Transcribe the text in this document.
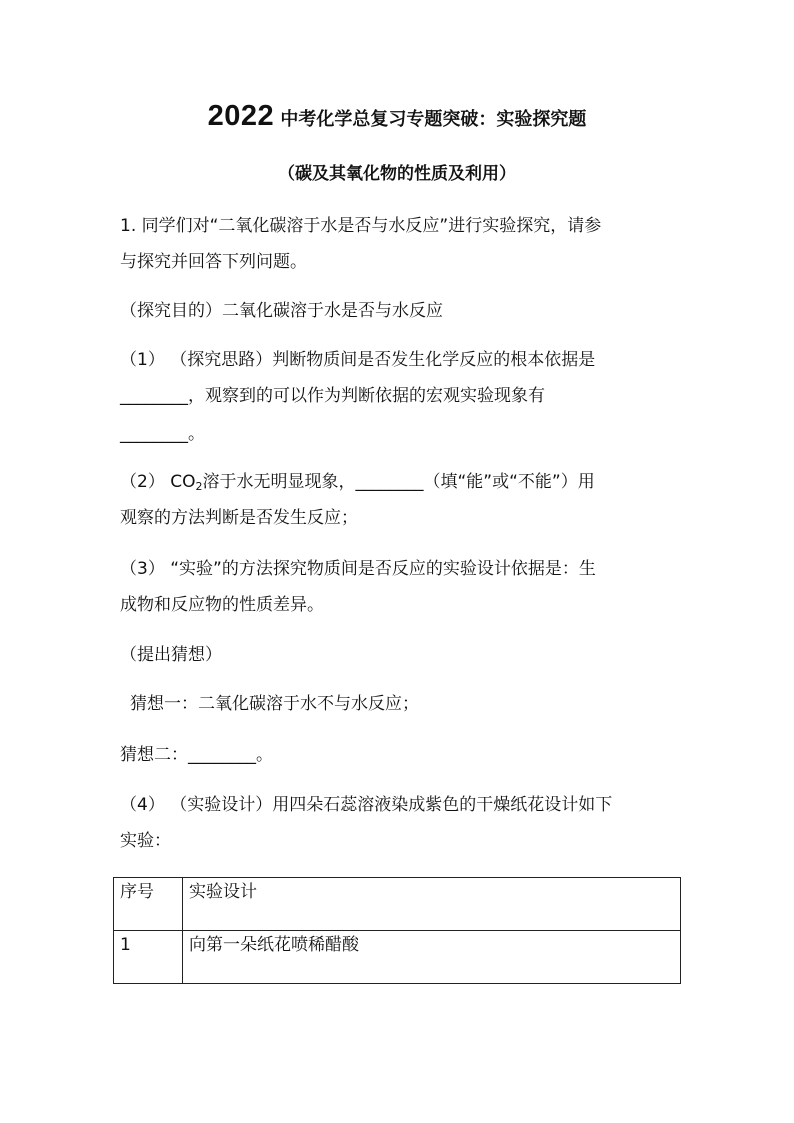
2022 中考化学总复习专题突破：实验探究题
（碳及其氧化物的性质及利用）
1. 同学们对“二氧化碳溶于水是否与水反应”进行实验探究，请参
与探究并回答下列问题。
（探究目的）二氧化碳溶于水是否与水反应
（1） （探究思路）判断物质间是否发生化学反应的根本依据是
________，观察到的可以作为判断依据的宏观实验现象有
________。
（2） $CO_2$溶于水无明显现象，________（填“能”或“不能”）用
观察的方法判断是否发生反应；
（3） “实验”的方法探究物质间是否反应的实验设计依据是：生
成物和反应物的性质差异。
（提出猜想）
猜想一：二氧化碳溶于水不与水反应；
猜想二：________。
（4） （实验设计）用四朵石蕊溶液染成紫色的干燥纸花设计如下
实验：
序号	实验设计
1	向第一朵纸花喷稀醋酸
